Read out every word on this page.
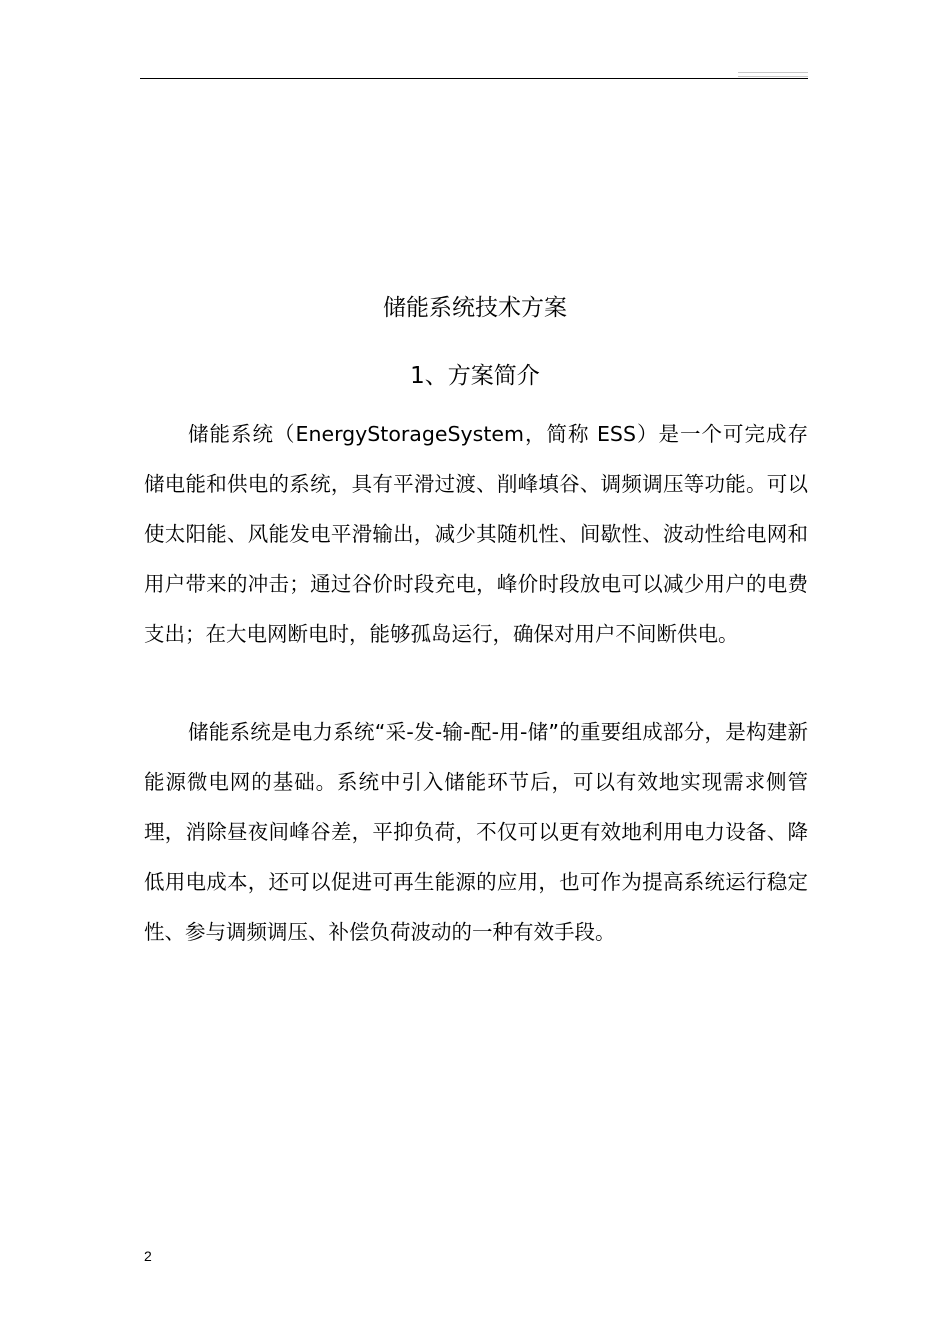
储能系统技术方案
1、方案简介

储能系统（EnergyStorageSystem，简称 ESS）是一个可完成存储电能和供电的系统，具有平滑过渡、削峰填谷、调频调压等功能。可以使太阳能、风能发电平滑输出，减少其随机性、间歇性、波动性给电网和用户带来的冲击；通过谷价时段充电，峰价时段放电可以减少用户的电费支出；在大电网断电时，能够孤岛运行，确保对用户不间断供电。

储能系统是电力系统“采-发-输-配-用-储”的重要组成部分，是构建新能源微电网的基础。系统中引入储能环节后，可以有效地实现需求侧管理，消除昼夜间峰谷差，平抑负荷，不仅可以更有效地利用电力设备、降低用电成本，还可以促进可再生能源的应用，也可作为提高系统运行稳定性、参与调频调压、补偿负荷波动的一种有效手段。

2
